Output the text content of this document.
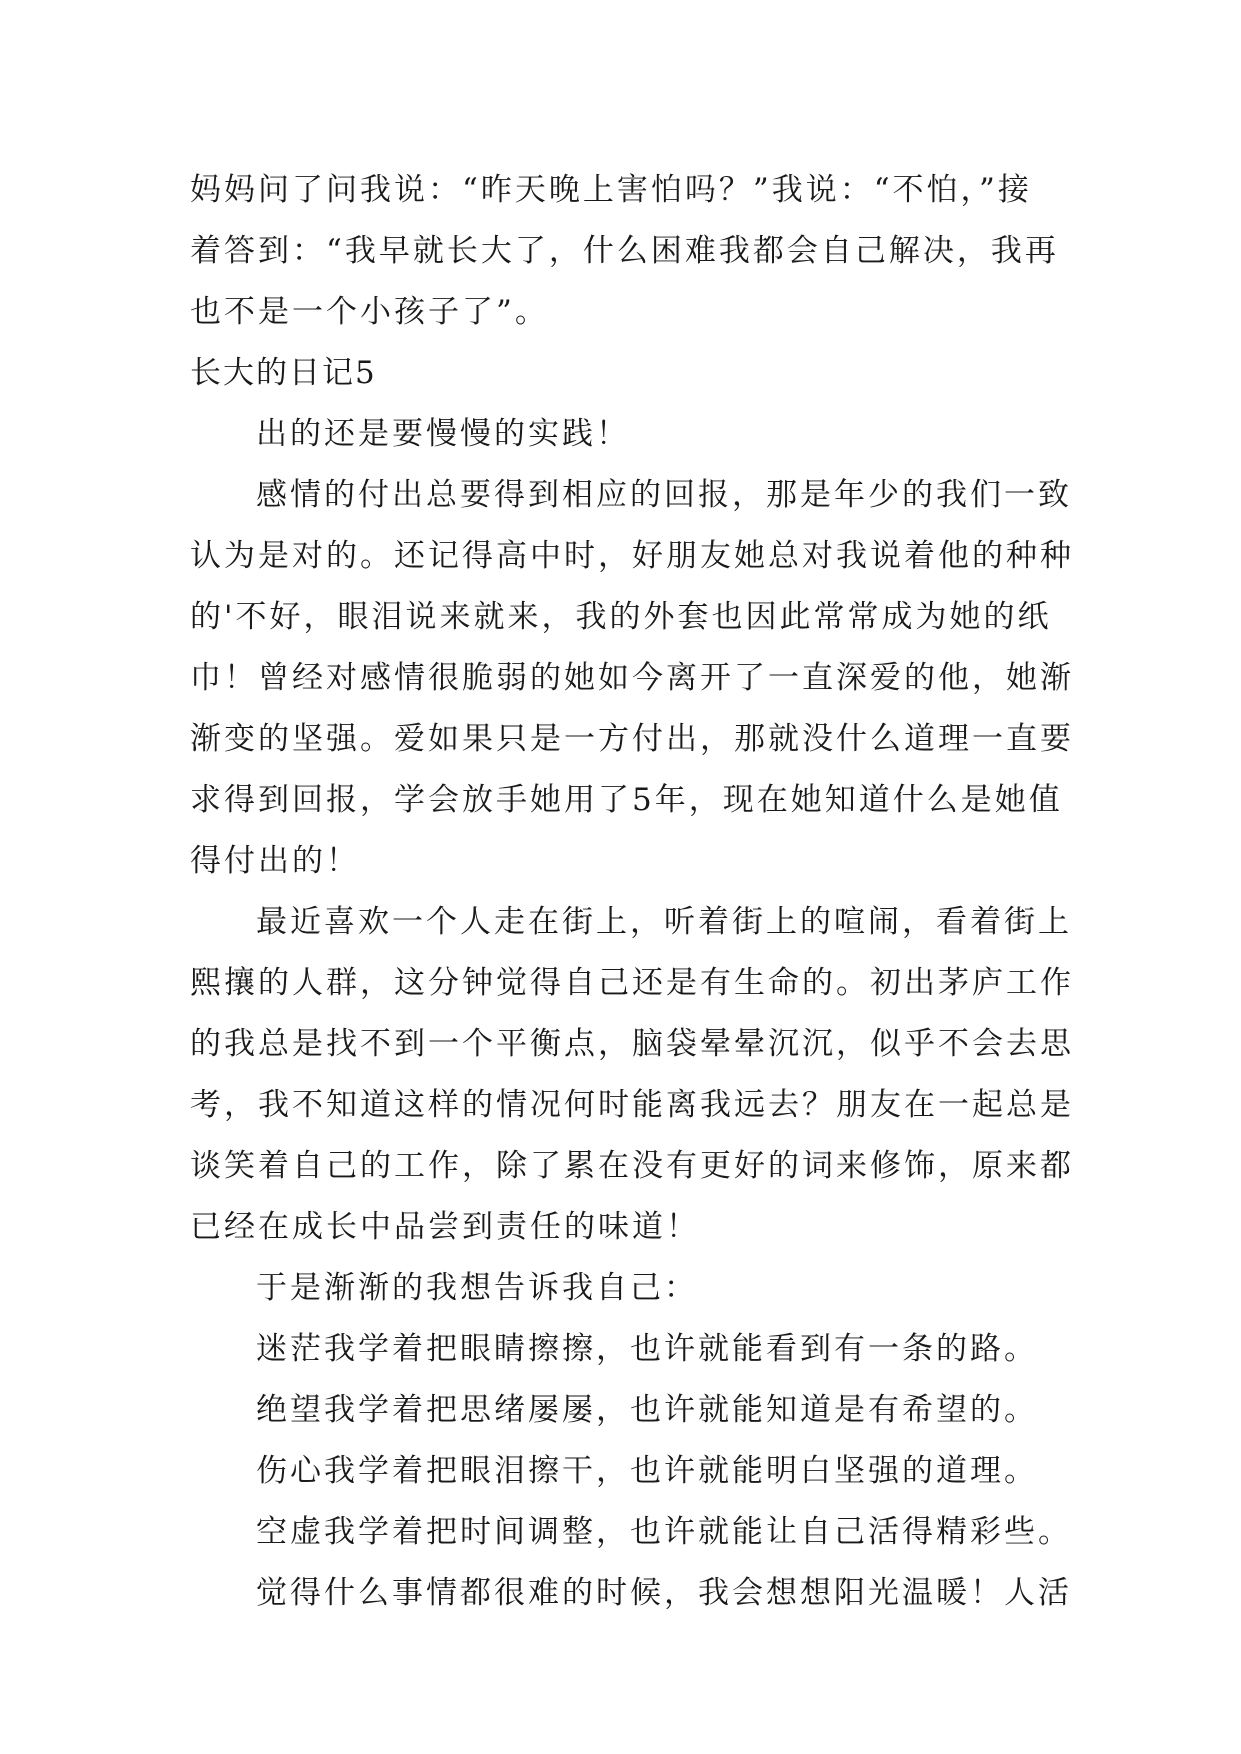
妈妈问了问我说：“昨天晚上害怕吗？”我说：“不怕，”接
着答到：“我早就长大了，什么困难我都会自己解决，我再
也不是一个小孩子了”。
长大的日记5
出的还是要慢慢的实践！
感情的付出总要得到相应的回报，那是年少的我们一致
认为是对的。还记得高中时，好朋友她总对我说着他的种种
的'不好，眼泪说来就来，我的外套也因此常常成为她的纸
巾！曾经对感情很脆弱的她如今离开了一直深爱的他，她渐
渐变的坚强。爱如果只是一方付出，那就没什么道理一直要
求得到回报，学会放手她用了5年，现在她知道什么是她值
得付出的！
最近喜欢一个人走在街上，听着街上的喧闹，看着街上
熙攘的人群，这分钟觉得自己还是有生命的。初出茅庐工作
的我总是找不到一个平衡点，脑袋晕晕沉沉，似乎不会去思
考，我不知道这样的情况何时能离我远去？朋友在一起总是
谈笑着自己的工作，除了累在没有更好的词来修饰，原来都
已经在成长中品尝到责任的味道！
于是渐渐的我想告诉我自己：
迷茫我学着把眼睛擦擦，也许就能看到有一条的路。
绝望我学着把思绪屡屡，也许就能知道是有希望的。
伤心我学着把眼泪擦干，也许就能明白坚强的道理。
空虚我学着把时间调整，也许就能让自己活得精彩些。
觉得什么事情都很难的时候，我会想想阳光温暖！人活
